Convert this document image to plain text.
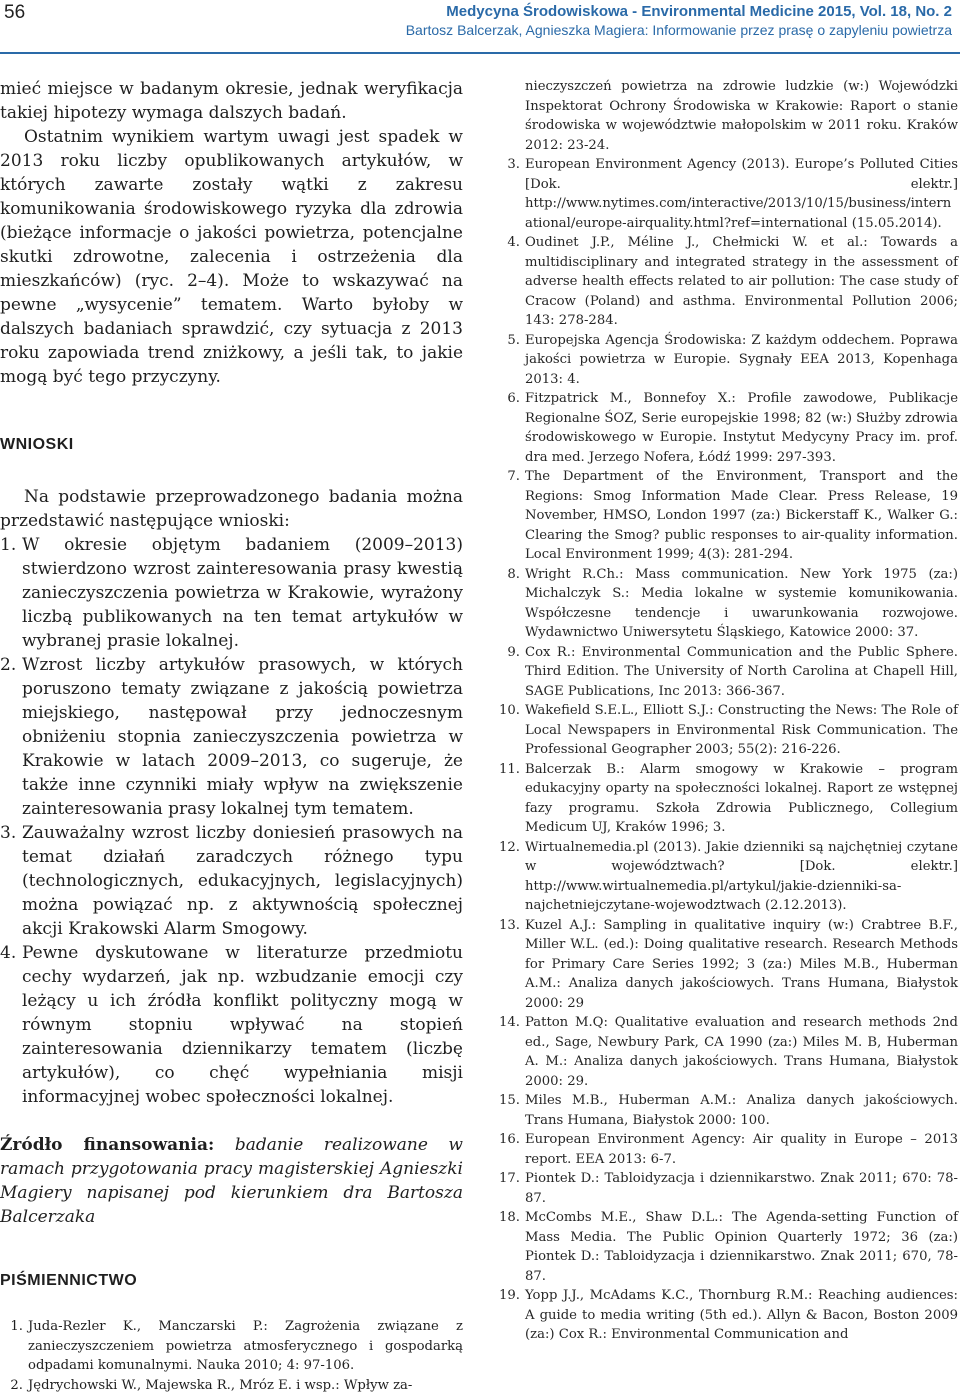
56	Medycyna Środowiskowa - Environmental Medicine 2015, Vol. 18, No. 2
Bartosz Balcerzak, Agnieszka Magiera: Informowanie przez prasę o zapyleniu powietrza

mieć miejsce w badanym okresie, jednak weryfikacja takiej hipotezy wymaga dalszych badań.

Ostatnim wynikiem wartym uwagi jest spadek w 2013 roku liczby opublikowanych artykułów, w których zawarte zostały wątki z zakresu komunikowania środowiskowego ryzyka dla zdrowia (bieżące informacje o jakości powietrza, potencjalne skutki zdrowotne, zalecenia i ostrzeżenia dla mieszkańców) (ryc. 2–4). Może to wskazywać na pewne „wysycenie” tematem. Warto byłoby w dalszych badaniach sprawdzić, czy sytuacja z 2013 roku zapowiada trend zniżkowy, a jeśli tak, to jakie mogą być tego przyczyny.

WNIOSKI

Na podstawie przeprowadzonego badania można przedstawić następujące wnioski:

1. W okresie objętym badaniem (2009–2013) stwierdzono wzrost zainteresowania prasy kwestią zanieczyszczenia powietrza w Krakowie, wyrażony liczbą publikowanych na ten temat artykułów w wybranej prasie lokalnej.
2. Wzrost liczby artykułów prasowych, w których poruszono tematy związane z jakością powietrza miejskiego, następował przy jednoczesnym obniżeniu stopnia zanieczyszczenia powietrza w Krakowie w latach 2009–2013, co sugeruje, że także inne czynniki miały wpływ na zwiększenie zainteresowania prasy lokalnej tym tematem.
3. Zauważalny wzrost liczby doniesień prasowych na temat działań zaradczych różnego typu (technologicznych, edukacyjnych, legislacyjnych) można powiązać np. z aktywnością społecznej akcji Krakowski Alarm Smogowy.
4. Pewne dyskutowane w literaturze przedmiotu cechy wydarzeń, jak np. wzbudzanie emocji czy leżący u ich źródła konflikt polityczny mogą w równym stopniu wpływać na stopień zainteresowania dziennikarzy tematem (liczbę artykułów), co chęć wypełniania misji informacyjnej wobec społeczności lokalnej.

Źródło finansowania: badanie realizowane w ramach przygotowania pracy magisterskiej Agnieszki Magiery napisanej pod kierunkiem dra Bartosza Balcerzaka

PIŚMIENNICTWO

1. Juda-Rezler K., Manczarski P.: Zagrożenia związane z zanieczyszczeniem powietrza atmosferycznego i gospodarką odpadami komunalnymi. Nauka 2010; 4: 97-106.
2. Jędrychowski W., Majewska R., Mróz E. i wsp.: Wpływ za-

nieczyszczeń powietrza na zdrowie ludzkie (w:) Wojewódzki Inspektorat Ochrony Środowiska w Krakowie: Raport o stanie środowiska w województwie małopolskim w 2011 roku. Kraków 2012: 23-24.

3. European Environment Agency (2013). Europe’s Polluted Cities [Dok. elektr.] http://www.nytimes.com/interactive/2013/10/15/business/international/europe-airquality.html?ref=international (15.05.2014).
4. Oudinet J.P., Méline J., Chełmicki W. et al.: Towards a multidisciplinary and integrated strategy in the assessment of adverse health effects related to air pollution: The case study of Cracow (Poland) and asthma. Environmental Pollution 2006; 143: 278-284.
5. Europejska Agencja Środowiska: Z każdym oddechem. Poprawa jakości powietrza w Europie. Sygnały EEA 2013, Kopenhaga 2013: 4.
6. Fitzpatrick M., Bonnefoy X.: Profile zawodowe, Publikacje Regionalne ŚOZ, Serie europejskie 1998; 82 (w:) Służby zdrowia środowiskowego w Europie. Instytut Medycyny Pracy im. prof. dra med. Jerzego Nofera, Łódź 1999: 297-393.
7. The Department of the Environment, Transport and the Regions: Smog Information Made Clear. Press Release, 19 November, HMSO, London 1997 (za:) Bickerstaff K., Walker G.: Clearing the Smog? public responses to air-quality information. Local Environment 1999; 4(3): 281-294.
8. Wright R.Ch.: Mass communication. New York 1975 (za:) Michalczyk S.: Media lokalne w systemie komunikowania. Współczesne tendencje i uwarunkowania rozwojowe. Wydawnictwo Uniwersytetu Śląskiego, Katowice 2000: 37.
9. Cox R.: Environmental Communication and the Public Sphere. Third Edition. The University of North Carolina at Chapell Hill, SAGE Publications, Inc 2013: 366-367.
10. Wakefield S.E.L., Elliott S.J.: Constructing the News: The Role of Local Newspapers in Environmental Risk Communication. The Professional Geographer 2003; 55(2): 216-226.
11. Balcerzak B.: Alarm smogowy w Krakowie – program edukacyjny oparty na społeczności lokalnej. Raport ze wstępnej fazy programu. Szkoła Zdrowia Publicznego, Collegium Medicum UJ, Kraków 1996; 3.
12. Wirtualnemedia.pl (2013). Jakie dzienniki są najchętniej czytane w województwach? [Dok. elektr.] http://www.wirtualnemedia.pl/artykul/jakie-dzienniki-sa-najchetniejczytane-wojewodztwach (2.12.2013).
13. Kuzel A.J.: Sampling in qualitative inquiry (w:) Crabtree B.F., Miller W.L. (ed.): Doing qualitative research. Research Methods for Primary Care Series 1992; 3 (za:) Miles M.B., Huberman A.M.: Analiza danych jakościowych. Trans Humana, Białystok 2000: 29
14. Patton M.Q: Qualitative evaluation and research methods 2nd ed., Sage, Newbury Park, CA 1990 (za:) Miles M. B, Huberman A. M.: Analiza danych jakościowych. Trans Humana, Białystok 2000: 29.
15. Miles M.B., Huberman A.M.: Analiza danych jakościowych. Trans Humana, Białystok 2000: 100.
16. European Environment Agency: Air quality in Europe – 2013 report. EEA 2013: 6-7.
17. Piontek D.: Tabloidyzacja i dziennikarstwo. Znak 2011; 670: 78-87.
18. McCombs M.E., Shaw D.L.: The Agenda-setting Function of Mass Media. The Public Opinion Quarterly 1972; 36 (za:) Piontek D.: Tabloidyzacja i dziennikarstwo. Znak 2011; 670, 78-87.
19. Yopp J.J., McAdams K.C., Thornburg R.M.: Reaching audiences: A guide to media writing (5th ed.). Allyn & Bacon, Boston 2009 (za:) Cox R.: Environmental Communication and
